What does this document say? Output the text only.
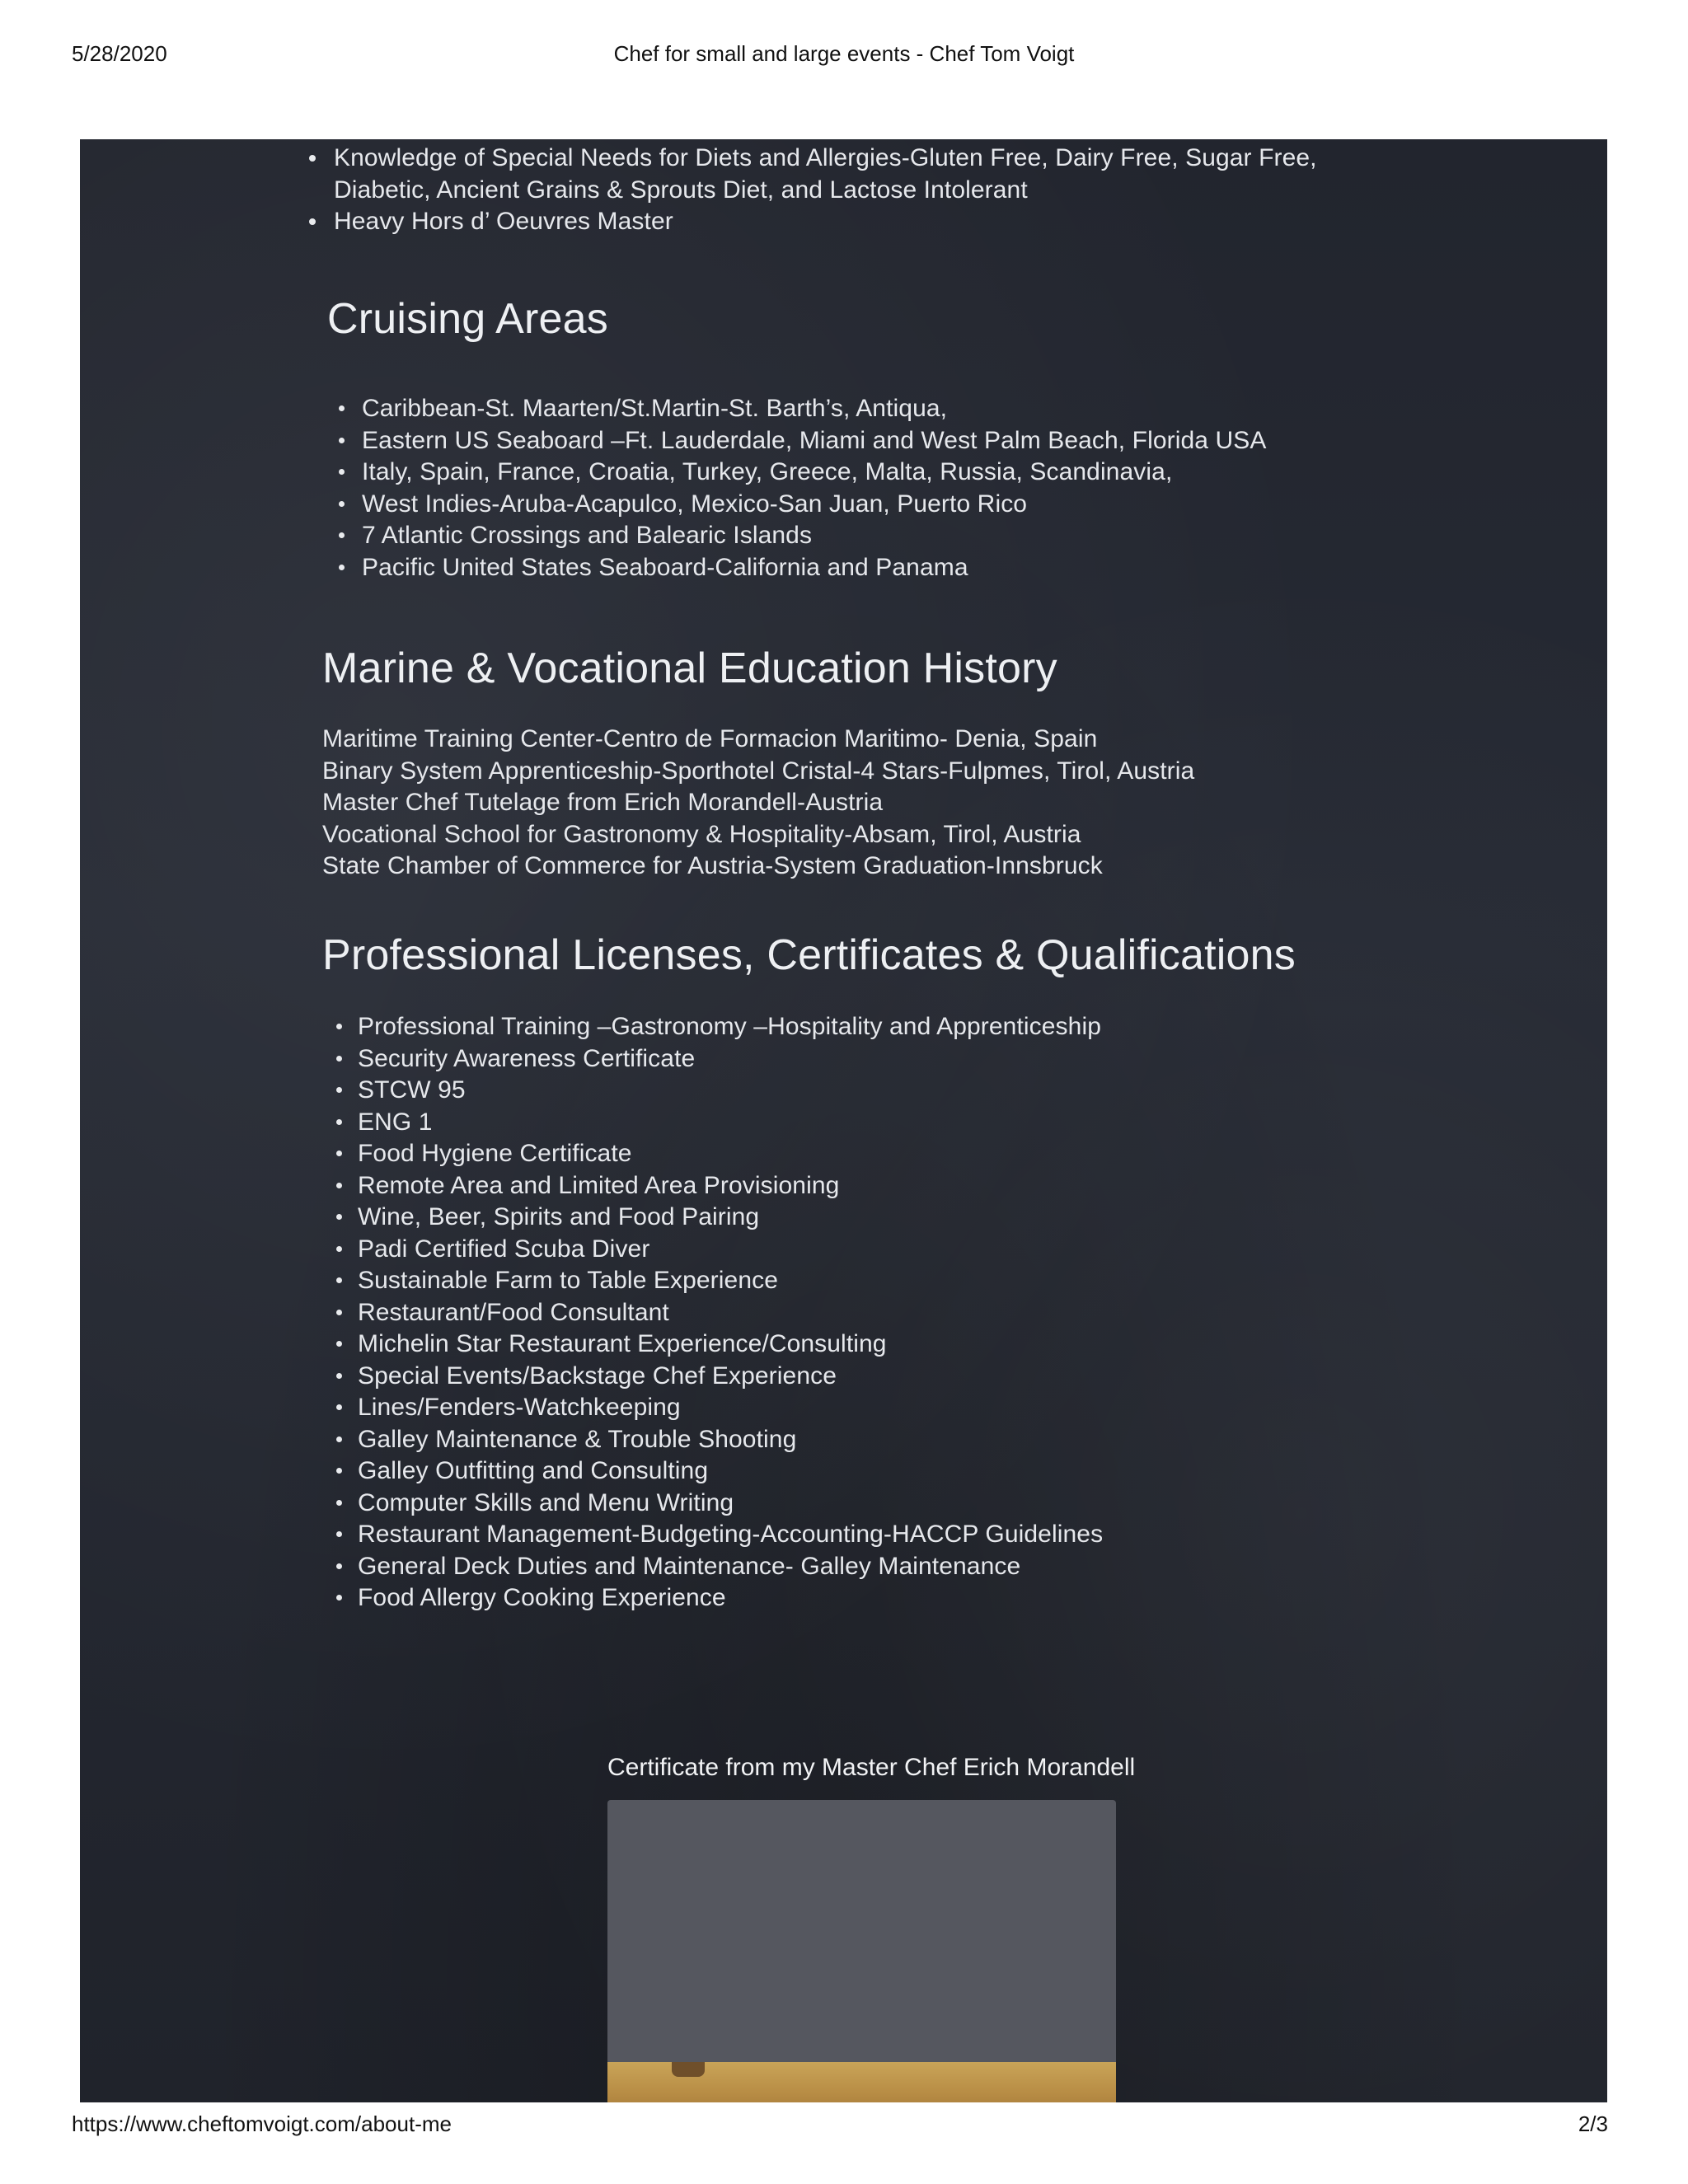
5/28/2020	Chef for small and large events - Chef Tom Voigt
Knowledge of Special Needs for Diets and Allergies-Gluten Free, Dairy Free, Sugar Free, Diabetic, Ancient Grains & Sprouts Diet, and Lactose Intolerant
Heavy Hors d’ Oeuvres Master
Cruising Areas
Caribbean-St. Maarten/St.Martin-St. Barth’s, Antiqua,
Eastern US Seaboard –Ft. Lauderdale, Miami and West Palm Beach, Florida USA
Italy, Spain, France, Croatia, Turkey, Greece, Malta, Russia, Scandinavia,
West Indies-Aruba-Acapulco, Mexico-San Juan, Puerto Rico
7 Atlantic Crossings and Balearic Islands
Pacific United States Seaboard-California and Panama
Marine & Vocational Education History
Maritime Training Center-Centro de Formacion Maritimo- Denia, Spain
Binary System Apprenticeship-Sporthotel Cristal-4 Stars-Fulpmes, Tirol, Austria
Master Chef Tutelage from Erich Morandell-Austria
Vocational School for Gastronomy & Hospitality-Absam, Tirol, Austria
State Chamber of Commerce for Austria-System Graduation-Innsbruck
Professional Licenses, Certificates & Qualifications
Professional Training –Gastronomy –Hospitality and Apprenticeship
Security Awareness Certificate
STCW 95
ENG 1
Food Hygiene Certificate
Remote Area and Limited Area Provisioning
Wine, Beer, Spirits and Food Pairing
Padi Certified Scuba Diver
Sustainable Farm to Table Experience
Restaurant/Food Consultant
Michelin Star Restaurant Experience/Consulting
Special Events/Backstage Chef Experience
Lines/Fenders-Watchkeeping
Galley Maintenance & Trouble Shooting
Galley Outfitting and Consulting
Computer Skills and Menu Writing
Restaurant Management-Budgeting-Accounting-HACCP Guidelines
General Deck Duties and Maintenance- Galley Maintenance
Food Allergy Cooking Experience
Certificate from my Master Chef Erich Morandell
https://www.cheftomvoigt.com/about-me	2/3
